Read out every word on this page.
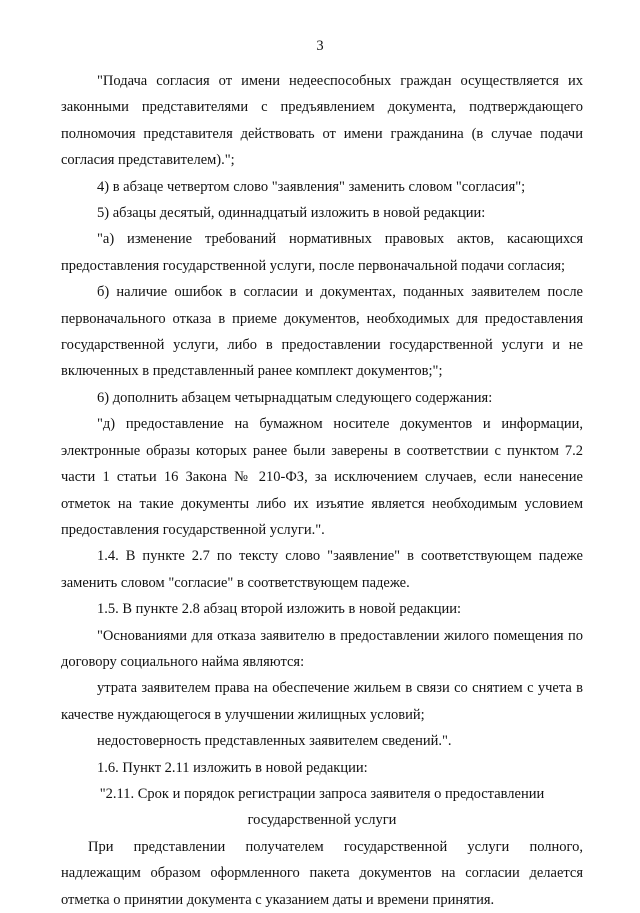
3

"Подача согласия от имени недееспособных граждан осуществляется их законными представителями с предъявлением документа, подтверждающего полномочия представителя действовать от имени гражданина (в случае подачи согласия представителем).";

4) в абзаце четвертом слово "заявления" заменить словом "согласия";

5) абзацы десятый, одиннадцатый изложить в новой редакции:

"а) изменение требований нормативных правовых актов, касающихся предоставления государственной услуги, после первоначальной подачи согласия;

б) наличие ошибок в согласии и документах, поданных заявителем после первоначального отказа в приеме документов, необходимых для предоставления государственной услуги, либо в предоставлении государственной услуги и не включенных в представленный ранее комплект документов;";

6) дополнить абзацем четырнадцатым следующего содержания:

"д) предоставление на бумажном носителе документов и информации, электронные образы которых ранее были заверены в соответствии с пунктом 7.2 части 1 статьи 16 Закона № 210-ФЗ, за исключением случаев, если нанесение отметок на такие документы либо их изъятие является необходимым условием предоставления государственной услуги.".

1.4. В пункте 2.7 по тексту слово "заявление" в соответствующем падеже заменить словом "согласие" в соответствующем падеже.

1.5. В пункте 2.8 абзац второй изложить в новой редакции:

"Основаниями для отказа заявителю в предоставлении жилого помещения по договору социального найма являются:

утрата заявителем права на обеспечение жильем в связи со снятием с учета в качестве нуждающегося в улучшении жилищных условий;

недостоверность представленных заявителем сведений.".

1.6. Пункт 2.11 изложить в новой редакции:

"2.11. Срок и порядок регистрации запроса заявителя о предоставлении

государственной услуги

При представлении получателем государственной услуги полного, надлежащим образом оформленного пакета документов на согласии делается отметка о принятии документа с указанием даты и времени принятия.
